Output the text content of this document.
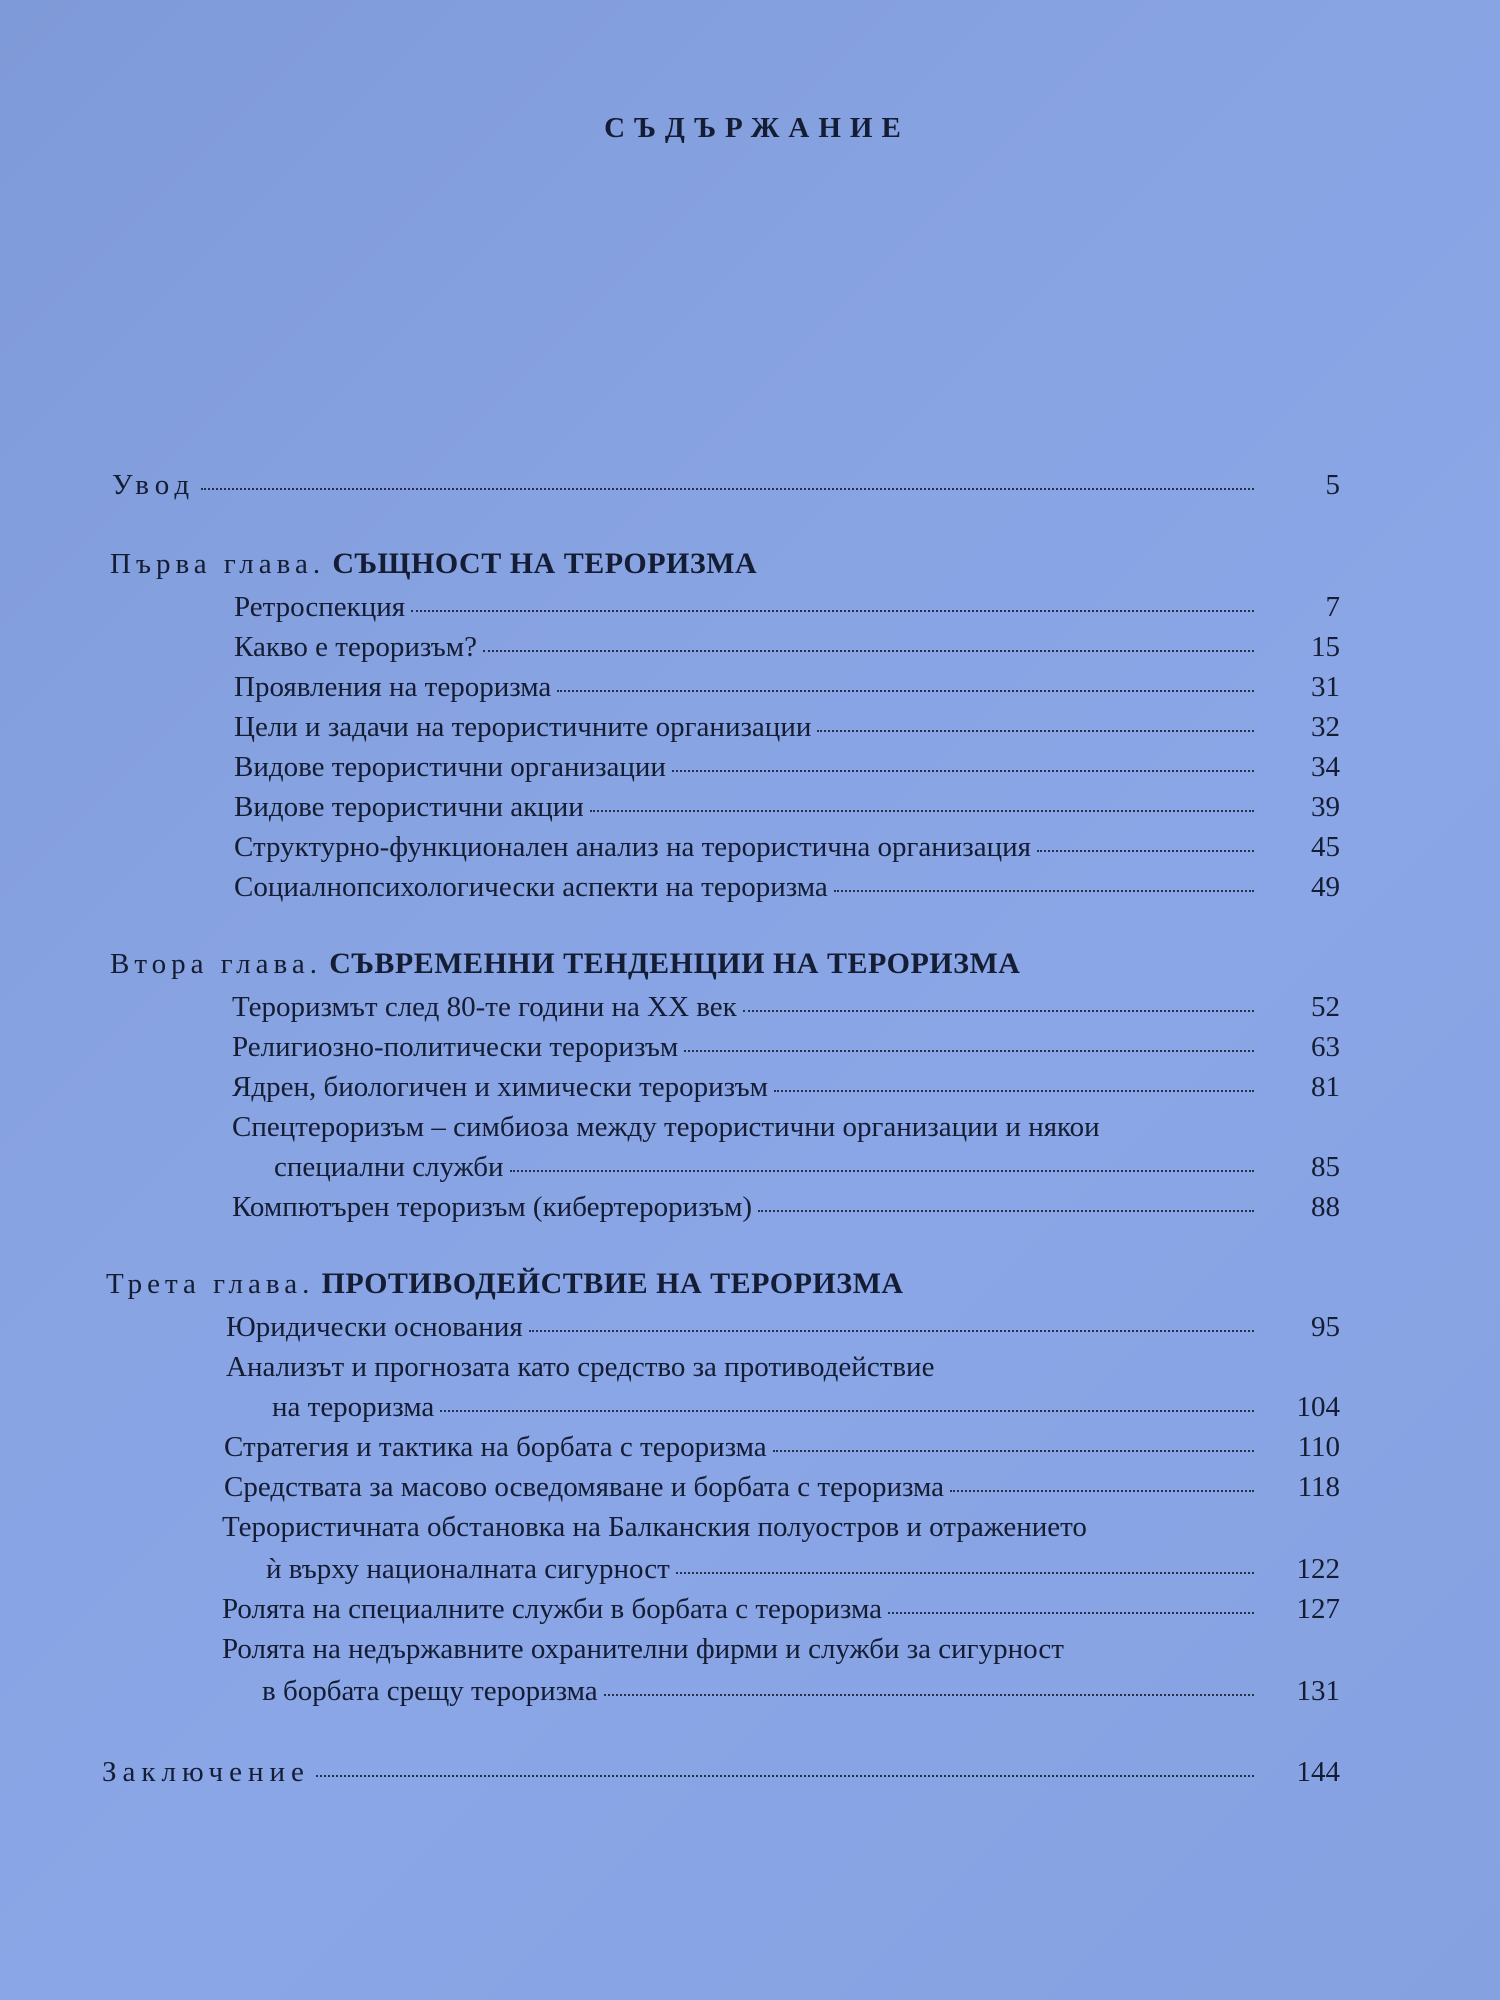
СЪДЪРЖАНИЕ
Увод	5
Първа глава. СЪЩНОСТ НА ТЕРОРИЗМА
Ретроспекция	7
Какво е тероризъм?	15
Проявления на тероризма	31
Цели и задачи на терористичните организации	32
Видове терористични организации	34
Видове терористични акции	39
Структурно-функционален анализ на терористична организация	45
Социалнопсихологически аспекти на тероризма	49
Втора глава. СЪВРЕМЕННИ ТЕНДЕНЦИИ НА ТЕРОРИЗМА
Тероризмът след 80-те години на XX век	52
Религиозно-политически тероризъм	63
Ядрен, биологичен и химически тероризъм	81
Спецтероризъм – симбиоза между терористични организации и някои
специални служби	85
Компютърен тероризъм (кибертероризъм)	88
Трета глава. ПРОТИВОДЕЙСТВИЕ НА ТЕРОРИЗМА
Юридически основания	95
Анализът и прогнозата като средство за противодействие
на тероризма	104
Стратегия и тактика на борбата с тероризма	110
Средствата за масово осведомяване и борбата с тероризма	118
Терористичната обстановка на Балканския полуостров и отражението
ѝ върху националната сигурност	122
Ролята на специалните служби в борбата с тероризма	127
Ролята на недържавните охранителни фирми и служби за сигурност
в борбата срещу тероризма	131
Заключение	144
